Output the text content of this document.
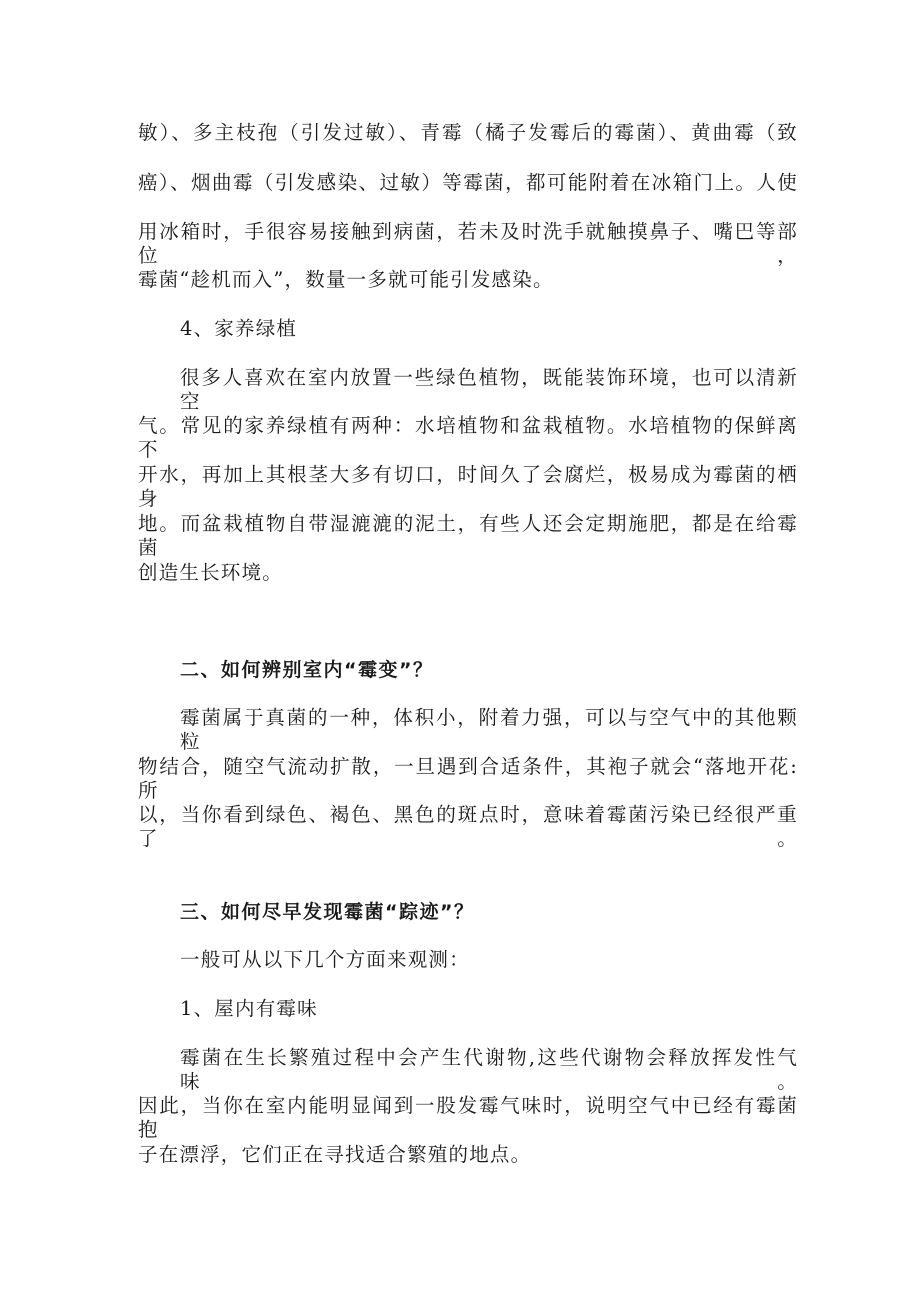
敏）、多主枝孢（引发过敏）、青霉（橘子发霉后的霉菌）、黄曲霉（致
癌）、烟曲霉（引发感染、过敏）等霉菌，都可能附着在冰箱门上。人使
用冰箱时，手很容易接触到病菌，若未及时洗手就触摸鼻子、嘴巴等部位，
霉菌“趁机而入”，数量一多就可能引发感染。
4、家养绿植
很多人喜欢在室内放置一些绿色植物，既能装饰环境，也可以清新空
气。常见的家养绿植有两种：水培植物和盆栽植物。水培植物的保鲜离不
开水，再加上其根茎大多有切口，时间久了会腐烂，极易成为霉菌的栖身
地。而盆栽植物自带湿漉漉的泥土，有些人还会定期施肥，都是在给霉菌
创造生长环境。
二、如何辨别室内“霉变”？
霉菌属于真菌的一种，体积小，附着力强，可以与空气中的其他颗粒
物结合，随空气流动扩散，一旦遇到合适条件，其袍子就会“落地开花:所
以，当你看到绿色、褐色、黑色的斑点时，意味着霉菌污染已经很严重了。
三、如何尽早发现霉菌“踪迹”？
一般可从以下几个方面来观测：
1、屋内有霉味
霉菌在生长繁殖过程中会产生代谢物,这些代谢物会释放挥发性气味。
因此，当你在室内能明显闻到一股发霉气味时，说明空气中已经有霉菌抱
子在漂浮，它们正在寻找适合繁殖的地点。
